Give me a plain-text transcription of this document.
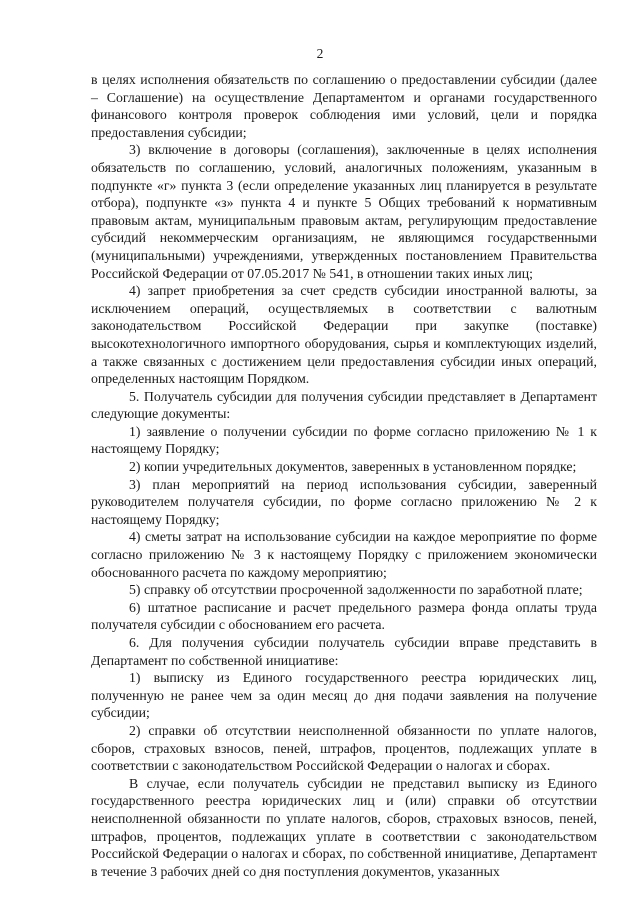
2

в целях исполнения обязательств по соглашению о предоставлении субсидии (далее – Соглашение) на осуществление Департаментом и органами государственного финансового контроля проверок соблюдения ими условий, цели и порядка предоставления субсидии;

3) включение в договоры (соглашения), заключенные в целях исполнения обязательств по соглашению, условий, аналогичных положениям, указанным в подпункте «г» пункта 3 (если определение указанных лиц планируется в результате отбора), подпункте «з» пункта 4 и пункте 5 Общих требований к нормативным правовым актам, муниципальным правовым актам, регулирующим предоставление субсидий некоммерческим организациям, не являющимся государственными (муниципальными) учреждениями, утвержденных постановлением Правительства Российской Федерации от 07.05.2017 № 541, в отношении таких иных лиц;

4) запрет приобретения за счет средств субсидии иностранной валюты, за исключением операций, осуществляемых в соответствии с валютным законодательством Российской Федерации при закупке (поставке) высокотехнологичного импортного оборудования, сырья и комплектующих изделий, а также связанных с достижением цели предоставления субсидии иных операций, определенных настоящим Порядком.

5. Получатель субсидии для получения субсидии представляет в Департамент следующие документы:

1) заявление о получении субсидии по форме согласно приложению № 1 к настоящему Порядку;

2) копии учредительных документов, заверенных в установленном порядке;

3) план мероприятий на период использования субсидии, заверенный руководителем получателя субсидии, по форме согласно приложению № 2 к настоящему Порядку;

4) сметы затрат на использование субсидии на каждое мероприятие по форме согласно приложению № 3 к настоящему Порядку с приложением экономически обоснованного расчета по каждому мероприятию;

5) справку об отсутствии просроченной задолженности по заработной плате;

6) штатное расписание и расчет предельного размера фонда оплаты труда получателя субсидии с обоснованием его расчета.

6. Для получения субсидии получатель субсидии вправе представить в Департамент по собственной инициативе:

1) выписку из Единого государственного реестра юридических лиц, полученную не ранее чем за один месяц до дня подачи заявления на получение субсидии;

2) справки об отсутствии неисполненной обязанности по уплате налогов, сборов, страховых взносов, пеней, штрафов, процентов, подлежащих уплате в соответствии с законодательством Российской Федерации о налогах и сборах.

В случае, если получатель субсидии не представил выписку из Единого государственного реестра юридических лиц и (или) справки об отсутствии неисполненной обязанности по уплате налогов, сборов, страховых взносов, пеней, штрафов, процентов, подлежащих уплате в соответствии с законодательством Российской Федерации о налогах и сборах, по собственной инициативе, Департамент в течение 3 рабочих дней со дня поступления документов, указанных
